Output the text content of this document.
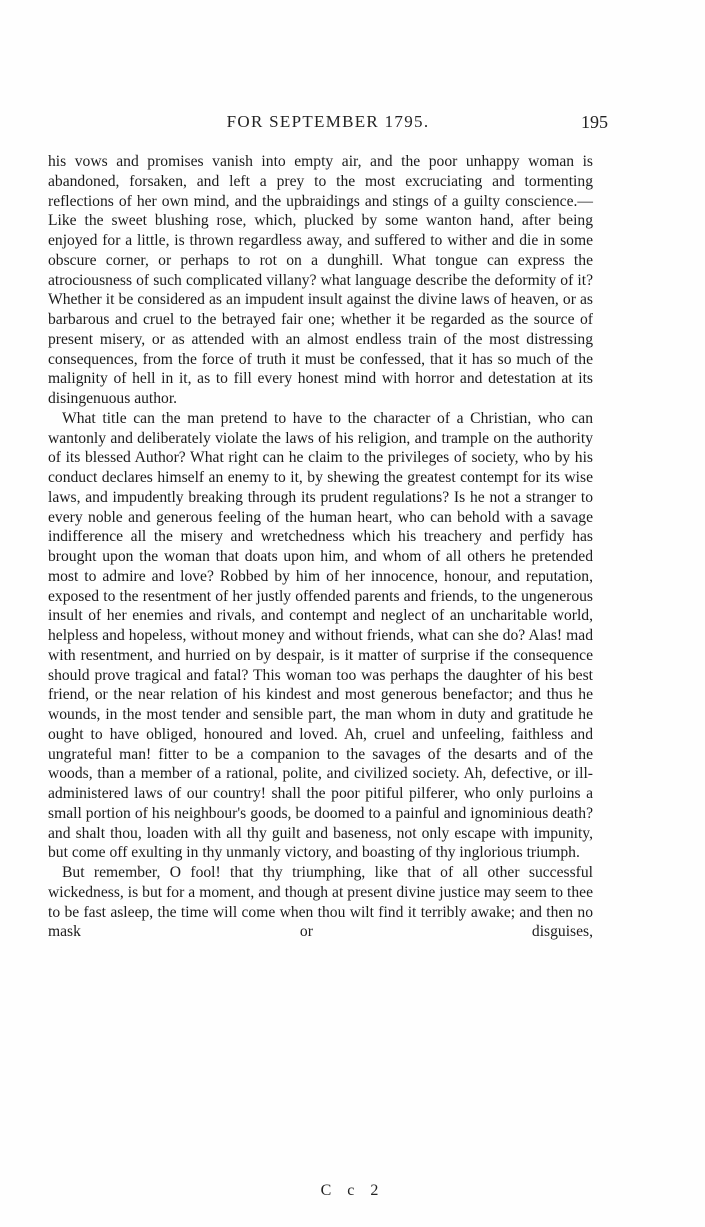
FOR SEPTEMBER 1795.	195

his vows and promises vanish into empty air, and the poor unhappy woman is abandoned, forsaken, and left a prey to the most excruciating and tormenting reflections of her own mind, and the upbraidings and stings of a guilty conscience.—Like the sweet blushing rose, which, plucked by some wanton hand, after being enjoyed for a little, is thrown regardless away, and suffered to wither and die in some obscure corner, or perhaps to rot on a dunghill. What tongue can express the atrociousness of such complicated villany? what language describe the deformity of it? Whether it be considered as an impudent insult against the divine laws of heaven, or as barbarous and cruel to the betrayed fair one; whether it be regarded as the source of present misery, or as attended with an almost endless train of the most distressing consequences, from the force of truth it must be confessed, that it has so much of the malignity of hell in it, as to fill every honest mind with horror and detestation at its disingenuous author.

What title can the man pretend to have to the character of a Christian, who can wantonly and deliberately violate the laws of his religion, and trample on the authority of its blessed Author? What right can he claim to the privileges of society, who by his conduct declares himself an enemy to it, by shewing the greatest contempt for its wise laws, and impudently breaking through its prudent regulations? Is he not a stranger to every noble and generous feeling of the human heart, who can behold with a savage indifference all the misery and wretchedness which his treachery and perfidy has brought upon the woman that doats upon him, and whom of all others he pretended most to admire and love? Robbed by him of her innocence, honour, and reputation, exposed to the resentment of her justly offended parents and friends, to the ungenerous insult of her enemies and rivals, and contempt and neglect of an uncharitable world, helpless and hopeless, without money and without friends, what can she do? Alas! mad with resentment, and hurried on by despair, is it matter of surprise if the consequence should prove tragical and fatal? This woman too was perhaps the daughter of his best friend, or the near relation of his kindest and most generous benefactor; and thus he wounds, in the most tender and sensible part, the man whom in duty and gratitude he ought to have obliged, honoured and loved. Ah, cruel and unfeeling, faithless and ungrateful man! fitter to be a companion to the savages of the desarts and of the woods, than a member of a rational, polite, and civilized society. Ah, defective, or ill-administered laws of our country! shall the poor pitiful pilferer, who only purloins a small portion of his neighbour's goods, be doomed to a painful and ignominious death? and shalt thou, loaden with all thy guilt and baseness, not only escape with impunity, but come off exulting in thy unmanly victory, and boasting of thy inglorious triumph.

But remember, O fool! that thy triumphing, like that of all other successful wickedness, is but for a moment, and though at present divine justice may seem to thee to be fast asleep, the time will come when thou wilt find it terribly awake; and then no mask or disguises,

C c 2
